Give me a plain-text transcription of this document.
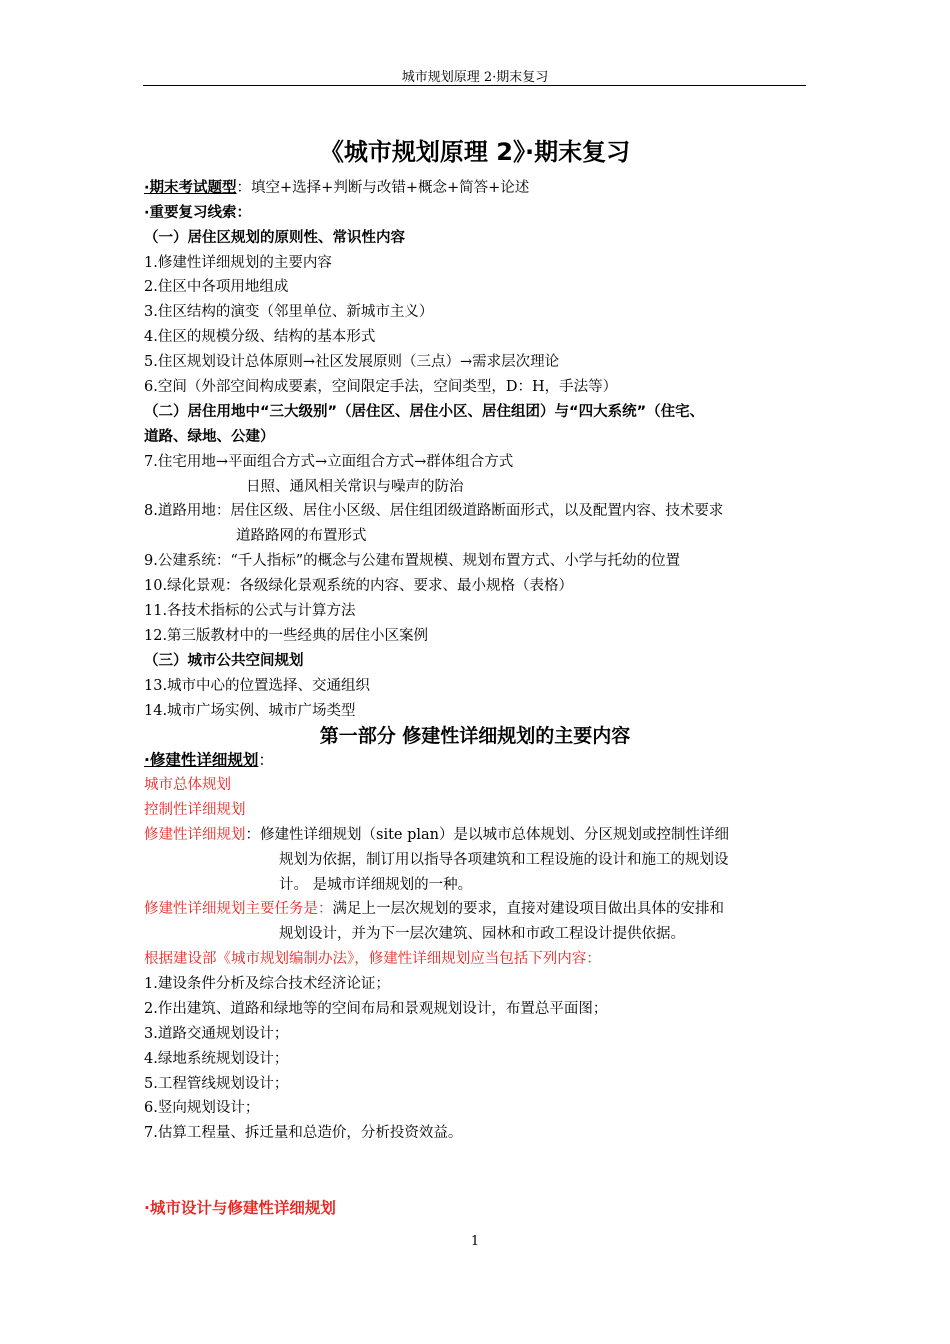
城市规划原理 2·期末复习
《城市规划原理 2》·期末复习
·期末考试题型：填空+选择+判断与改错+概念+简答+论述
·重要复习线索：
（一）居住区规划的原则性、常识性内容
1.修建性详细规划的主要内容
2.住区中各项用地组成
3.住区结构的演变（邻里单位、新城市主义）
4.住区的规模分级、结构的基本形式
5.住区规划设计总体原则→社区发展原则（三点）→需求层次理论
6.空间（外部空间构成要素，空间限定手法，空间类型，D：H，手法等）
（二）居住用地中“三大级别”（居住区、居住小区、居住组团）与“四大系统”（住宅、
道路、绿地、公建）
7.住宅用地→平面组合方式→立面组合方式→群体组合方式
日照、通风相关常识与噪声的防治
8.道路用地：居住区级、居住小区级、居住组团级道路断面形式，以及配置内容、技术要求
道路路网的布置形式
9.公建系统：“千人指标”的概念与公建布置规模、规划布置方式、小学与托幼的位置
10.绿化景观：各级绿化景观系统的内容、要求、最小规格（表格）
11.各技术指标的公式与计算方法
12.第三版教材中的一些经典的居住小区案例
（三）城市公共空间规划
13.城市中心的位置选择、交通组织
14.城市广场实例、城市广场类型
第一部分 修建性详细规划的主要内容
·修建性详细规划：
城市总体规划
控制性详细规划
修建性详细规划：修建性详细规划（site plan）是以城市总体规划、分区规划或控制性详细
规划为依据，制订用以指导各项建筑和工程设施的设计和施工的规划设
计。 是城市详细规划的一种。
修建性详细规划主要任务是：满足上一层次规划的要求，直接对建设项目做出具体的安排和
规划设计，并为下一层次建筑、园林和市政工程设计提供依据。
根据建设部《城市规划编制办法》，修建性详细规划应当包括下列内容：
1.建设条件分析及综合技术经济论证；
2.作出建筑、道路和绿地等的空间布局和景观规划设计，布置总平面图；
3.道路交通规划设计；
4.绿地系统规划设计；
5.工程管线规划设计；
6.竖向规划设计；
7.估算工程量、拆迁量和总造价，分析投资效益。
·城市设计与修建性详细规划
1
